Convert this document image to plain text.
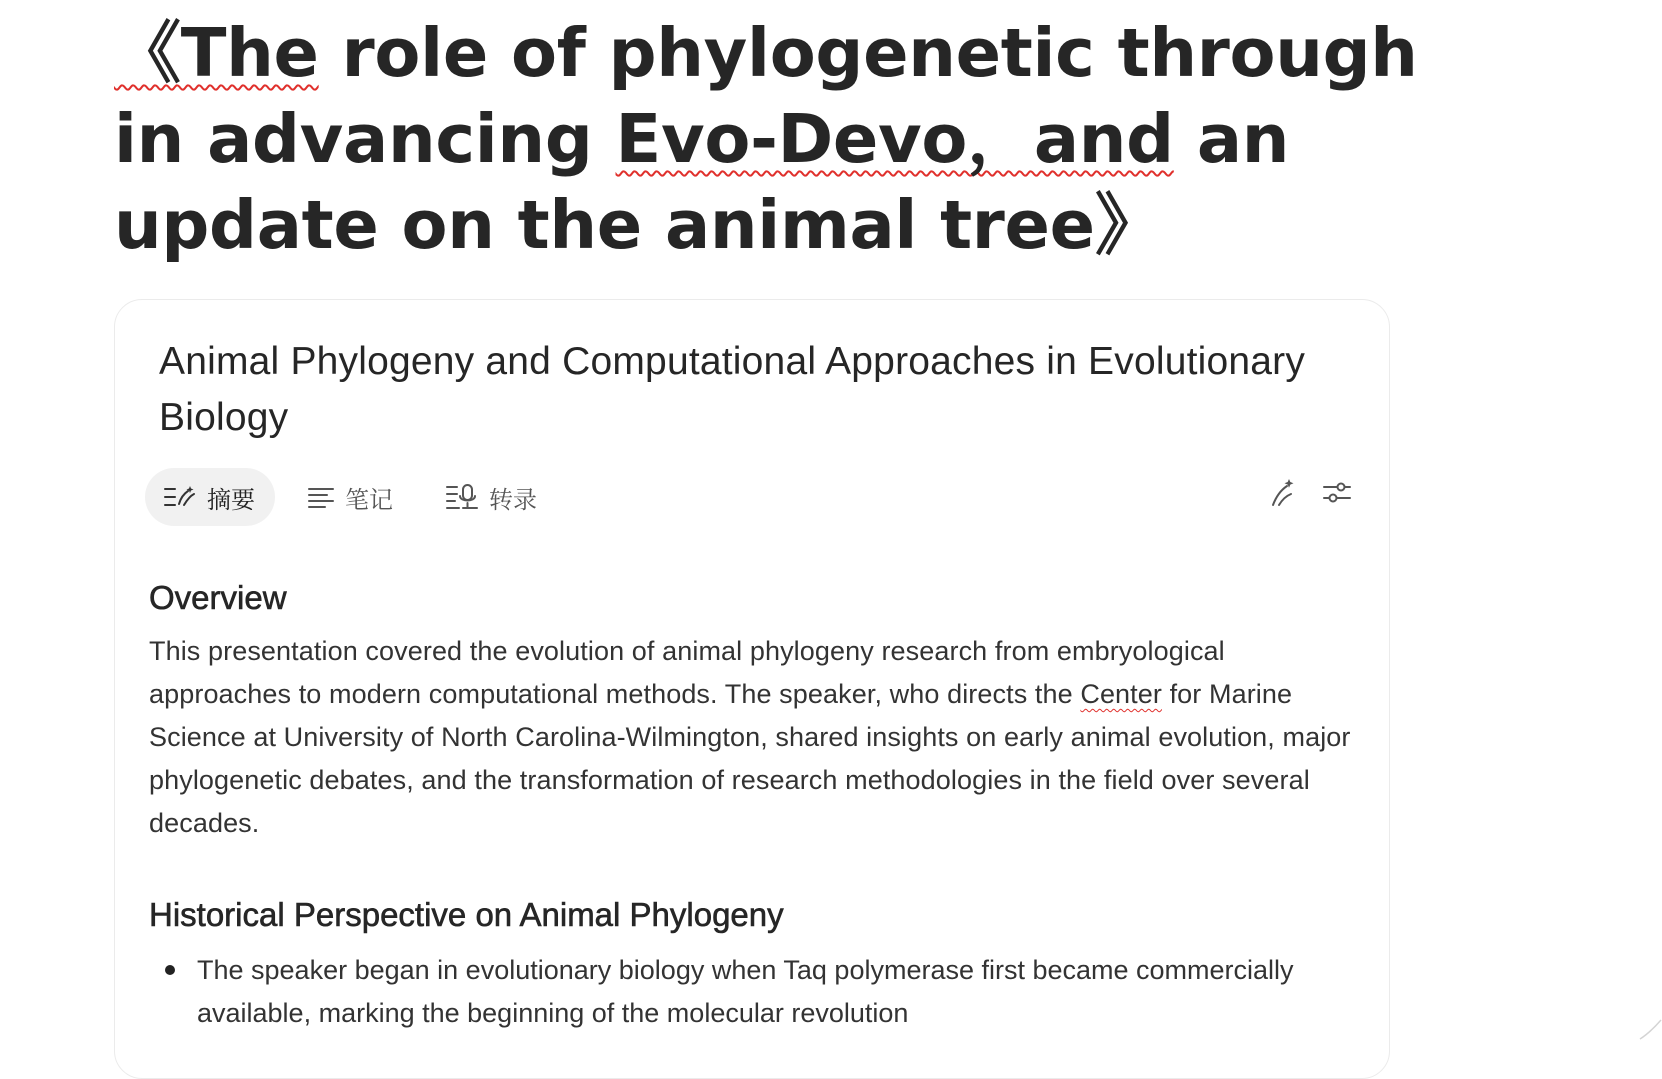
《The role of phylogenetic through
in advancing Evo-Devo，and an
update on the animal tree》
Animal Phylogeny and Computational Approaches in Evolutionary Biology
摘要	笔记	转录
Overview

This presentation covered the evolution of animal phylogeny research from embryological approaches to modern computational methods. The speaker, who directs the Center for Marine Science at University of North Carolina-Wilmington, shared insights on early animal evolution, major phylogenetic debates, and the transformation of research methodologies in the field over several decades.

Historical Perspective on Animal Phylogeny
The speaker began in evolutionary biology when Taq polymerase first became commercially available, marking the beginning of the molecular revolution
